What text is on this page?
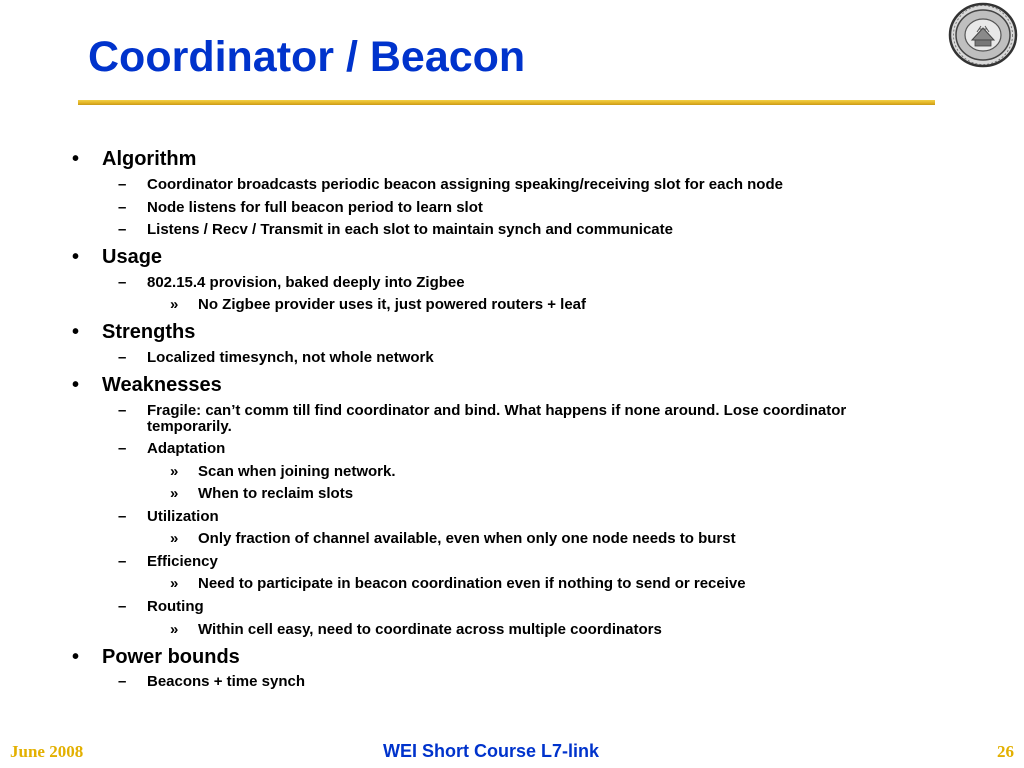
Coordinator / Beacon
• Algorithm
– Coordinator broadcasts periodic beacon assigning speaking/receiving slot for each node
– Node listens for full beacon period to learn slot
– Listens / Recv / Transmit in each slot to maintain synch and communicate
• Usage
– 802.15.4 provision, baked deeply into Zigbee
» No Zigbee provider uses it, just powered routers + leaf
• Strengths
– Localized timesynch, not whole network
• Weaknesses
– Fragile: can’t comm till find coordinator and bind. What happens if none around. Lose coordinator temporarily.
– Adaptation
» Scan when joining network.
» When to reclaim slots
– Utilization
» Only fraction of channel available, even when only one node needs to burst
– Efficiency
» Need to participate in beacon coordination even if nothing to send or receive
– Routing
» Within cell easy, need to coordinate across multiple coordinators
• Power bounds
– Beacons + time synch
June 2008	WEI Short Course L7-link	26
